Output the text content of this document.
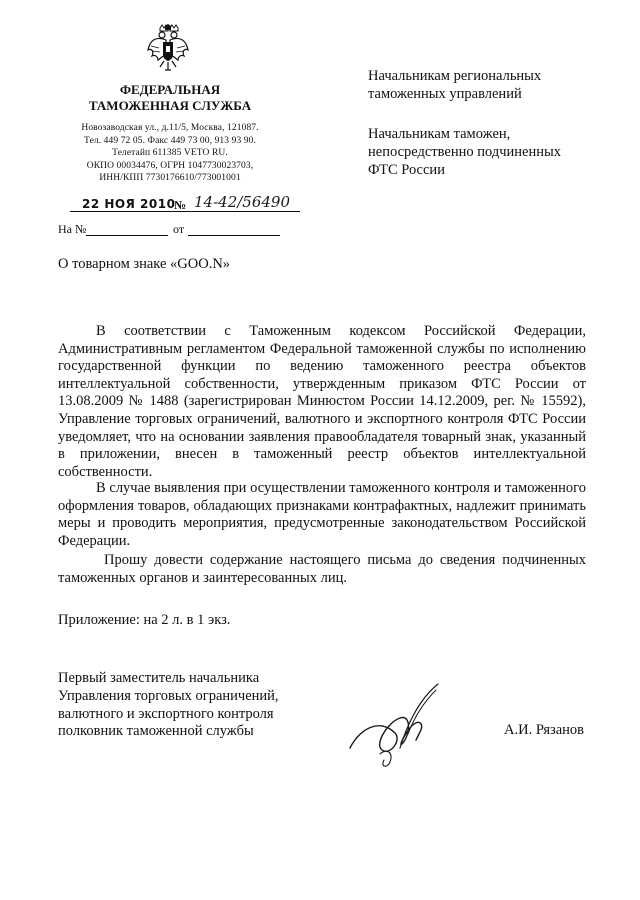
ФЕДЕРАЛЬНАЯ
ТАМОЖЕННАЯ СЛУЖБА
Новозаводская ул., д.11/5, Москва, 121087.
Тел. 449 72 05. Факс 449 73 00, 913 93 90.
Телетайп 611385 VETO RU.
ОКПО 00034476, ОГРН 1047730023703,
ИНН/КПП 7730176610/773001001
Начальникам региональных
таможенных управлений
Начальникам таможен,
непосредственно подчиненных
ФТС России
22 НОЯ 2010
№ 14-42/56490
На №	от
О товарном знаке «GOO.N»

В соответствии с Таможенным кодексом Российской Федерации, Административным регламентом Федеральной таможенной службы по исполнению государственной функции по ведению таможенного реестра объектов интеллектуальной собственности, утвержденным приказом ФТС России от 13.08.2009 № 1488 (зарегистрирован Минюстом России 14.12.2009, рег. № 15592), Управление торговых ограничений, валютного и экспортного контроля ФТС России уведомляет, что на основании заявления правообладателя товарный знак, указанный в приложении, внесен в таможенный реестр объектов интеллектуальной собственности.

В случае выявления при осуществлении таможенного контроля и таможенного оформления товаров, обладающих признаками контрафактных, надлежит принимать меры и проводить мероприятия, предусмотренные законодательством Российской Федерации.

Прошу довести содержание настоящего письма до сведения подчиненных таможенных органов и заинтересованных лиц.

Приложение: на 2 л. в 1 экз.
Первый заместитель начальника
Управления торговых ограничений,
валютного и экспортного контроля
полковник таможенной службы	А.И. Рязанов
